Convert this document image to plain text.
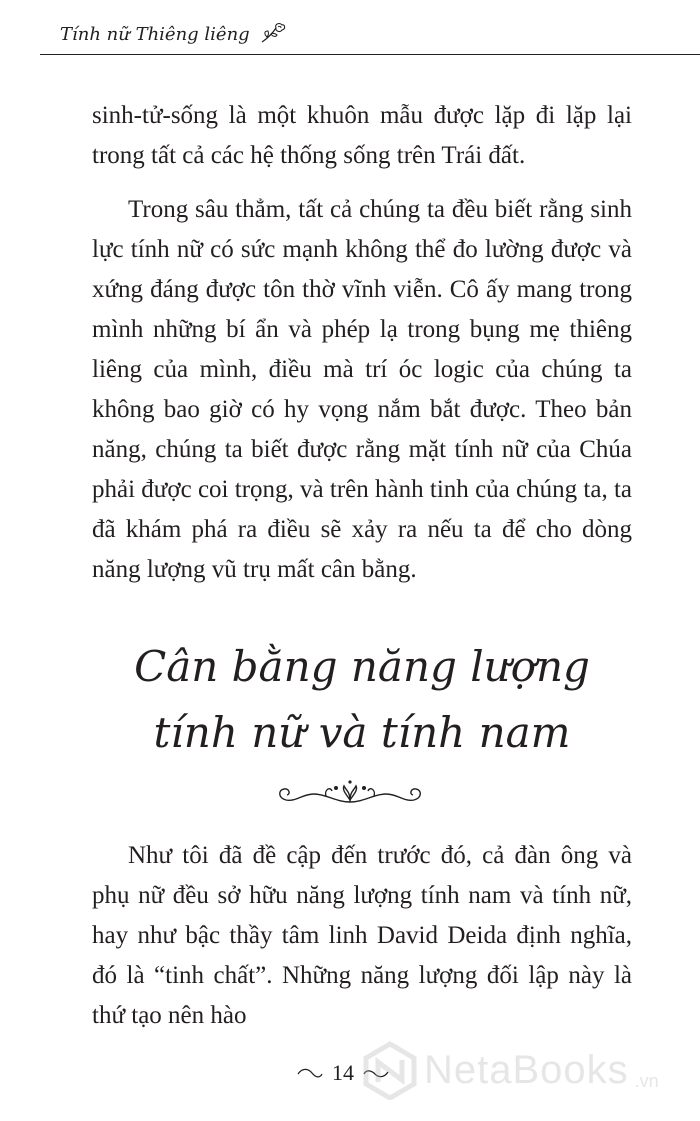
Tính nữ Thiêng liêng

sinh-tử-sống là một khuôn mẫu được lặp đi lặp lại trong tất cả các hệ thống sống trên Trái đất.

Trong sâu thẳm, tất cả chúng ta đều biết rằng sinh lực tính nữ có sức mạnh không thể đo lường được và xứng đáng được tôn thờ vĩnh viễn. Cô ấy mang trong mình những bí ẩn và phép lạ trong bụng mẹ thiêng liêng của mình, điều mà trí óc logic của chúng ta không bao giờ có hy vọng nắm bắt được. Theo bản năng, chúng ta biết được rằng mặt tính nữ của Chúa phải được coi trọng, và trên hành tinh của chúng ta, ta đã khám phá ra điều sẽ xảy ra nếu ta để cho dòng năng lượng vũ trụ mất cân bằng.

Cân bằng năng lượng
tính nữ và tính nam

Như tôi đã đề cập đến trước đó, cả đàn ông và phụ nữ đều sở hữu năng lượng tính nam và tính nữ, hay như bậc thầy tâm linh David Deida định nghĩa, đó là “tinh chất”. Những năng lượng đối lập này là thứ tạo nên hào

14 NetaBooks .vn
